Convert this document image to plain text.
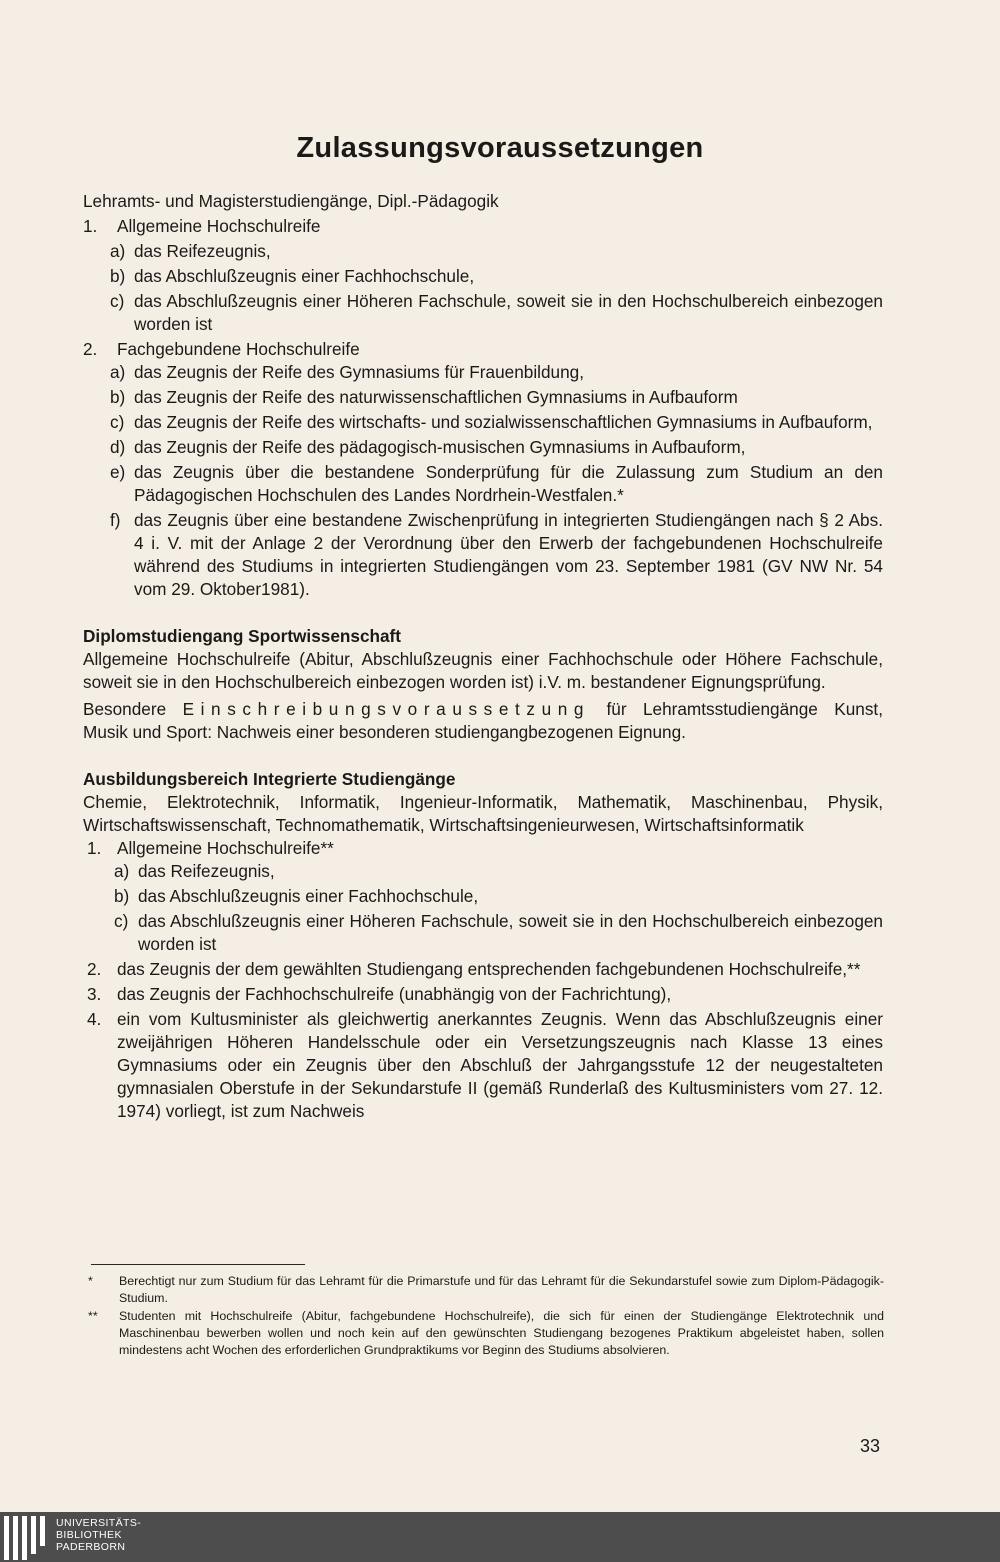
Zulassungsvoraussetzungen
Lehramts- und Magisterstudiengänge, Dipl.-Pädagogik
1.	Allgemeine Hochschulreife
a) das Reifezeugnis,
b) das Abschlußzeugnis einer Fachhochschule,
c) das Abschlußzeugnis einer Höheren Fachschule, soweit sie in den Hochschulbereich einbezogen worden ist
2.	Fachgebundene Hochschulreife
a) das Zeugnis der Reife des Gymnasiums für Frauenbildung,
b) das Zeugnis der Reife des naturwissenschaftlichen Gymnasiums in Aufbauform
c) das Zeugnis der Reife des wirtschafts- und sozialwissenschaftlichen Gymnasiums in Aufbauform,
d) das Zeugnis der Reife des pädagogisch-musischen Gymnasiums in Aufbauform,
e) das Zeugnis über die bestandene Sonderprüfung für die Zulassung zum Studium an den Pädagogischen Hochschulen des Landes Nordrhein-Westfalen.*
f) das Zeugnis über eine bestandene Zwischenprüfung in integrierten Studiengängen nach § 2 Abs. 4 i. V. mit der Anlage 2 der Verordnung über den Erwerb der fachgebundenen Hochschulreife während des Studiums in integrierten Studiengängen vom 23. September 1981 (GV NW Nr. 54 vom 29. Oktober1981).
Diplomstudiengang Sportwissenschaft

Allgemeine Hochschulreife (Abitur, Abschlußzeugnis einer Fachhochschule oder Höhere Fachschule, soweit sie in den Hochschulbereich einbezogen worden ist) i.V. m. bestandener Eignungsprüfung.

Besondere Einschreibungsvoraussetzung für Lehramtsstudiengänge Kunst, Musik und Sport: Nachweis einer besonderen studiengangbezogenen Eignung.

Ausbildungsbereich Integrierte Studiengänge

Chemie, Elektrotechnik, Informatik, Ingenieur-Informatik, Mathematik, Maschinenbau, Physik, Wirtschaftswissenschaft, Technomathematik, Wirtschaftsingenieurwesen, Wirtschaftsinformatik

1. Allgemeine Hochschulreife**
a) das Reifezeugnis,
b) das Abschlußzeugnis einer Fachhochschule,
c) das Abschlußzeugnis einer Höheren Fachschule, soweit sie in den Hochschulbereich einbezogen worden ist
2. das Zeugnis der dem gewählten Studiengang entsprechenden fachgebundenen Hochschulreife,**
3. das Zeugnis der Fachhochschulreife (unabhängig von der Fachrichtung),
4. ein vom Kultusminister als gleichwertig anerkanntes Zeugnis. Wenn das Abschlußzeugnis einer zweijährigen Höheren Handelsschule oder ein Versetzungszeugnis nach Klasse 13 eines Gymnasiums oder ein Zeugnis über den Abschluß der Jahrgangsstufe 12 der neugestalteten gymnasialen Oberstufe in der Sekundarstufe II (gemäß Runderlaß des Kultusministers vom 27. 12. 1974) vorliegt, ist zum Nachweis
* Berechtigt nur zum Studium für das Lehramt für die Primarstufe und für das Lehramt für die Sekundarstufel sowie zum Diplom-Pädagogik-Studium.
** Studenten mit Hochschulreife (Abitur, fachgebundene Hochschulreife), die sich für einen der Studiengänge Elektrotechnik und Maschinenbau bewerben wollen und noch kein auf den gewünschten Studiengang bezogenes Praktikum abgeleistet haben, sollen mindestens acht Wochen des erforderlichen Grundpraktikums vor Beginn des Studiums absolvieren.
33
UNIVERSITÄTS-
BIBLIOTHEK
PADERBORN
